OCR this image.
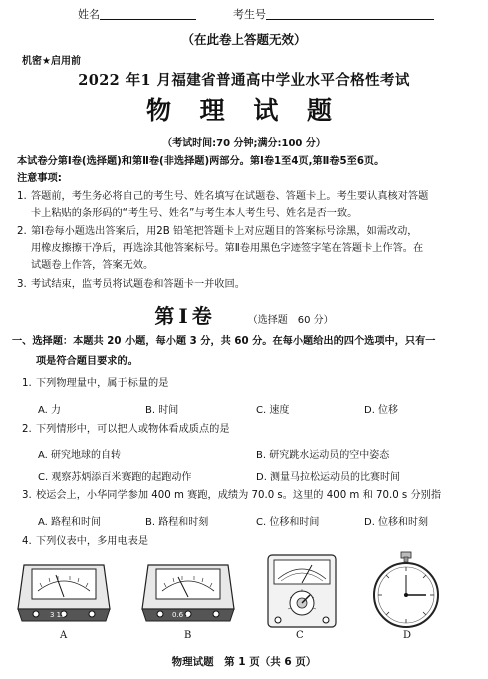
姓名	考生号
（在此卷上答题无效）
机密★启用前
2022 年1 月福建省普通高中学业水平合格性考试
物 理 试 题
（考试时间:70 分钟;满分:100 分）
本试卷分第Ⅰ卷(选择题)和第Ⅱ卷(非选择题)两部分。第Ⅰ卷1至4页,第Ⅱ卷5至6页。
注意事项:
1. 答题前，考生务必将自己的考生号、姓名填写在试题卷、答题卡上。考生要认真核对答题
卡上粘贴的条形码的“考生号、姓名”与考生本人考生号、姓名是否一致。
2. 第Ⅰ卷每小题选出答案后，用2B 铅笔把答题卡上对应题目的答案标号涂黑，如需改动，
用橡皮擦擦干净后，再选涂其他答案标号。第Ⅱ卷用黑色字迹签字笔在答题卡上作答。在
试题卷上作答，答案无效。
3. 考试结束，监考员将试题卷和答题卡一并收回。
第Ⅰ卷	（选择题　60 分）
一、选择题：本题共 20 小题，每小题 3 分，共 60 分。在每小题给出的四个选项中，只有一
项是符合题目要求的。
1. 下列物理量中，属于标量的是
A. 力	B. 时间	C. 速度	D. 位移
2. 下列情形中，可以把人或物体看成质点的是
A. 研究地球的自转	B. 研究跳水运动员的空中姿态
C. 观察苏炳添百米赛跑的起跑动作	D. 测量马拉松运动员的比赛时间
3. 校运会上，小华同学参加 400 m 赛跑，成绩为 70.0 s。这里的 400 m 和 70.0 s 分别指
A. 路程和时间	B. 路程和时刻	C. 位移和时间	D. 位移和时刻
4. 下列仪表中，多用电表是
3 15
A
0.6 3
B	C	D
物理试题　第 1 页（共 6 页）
